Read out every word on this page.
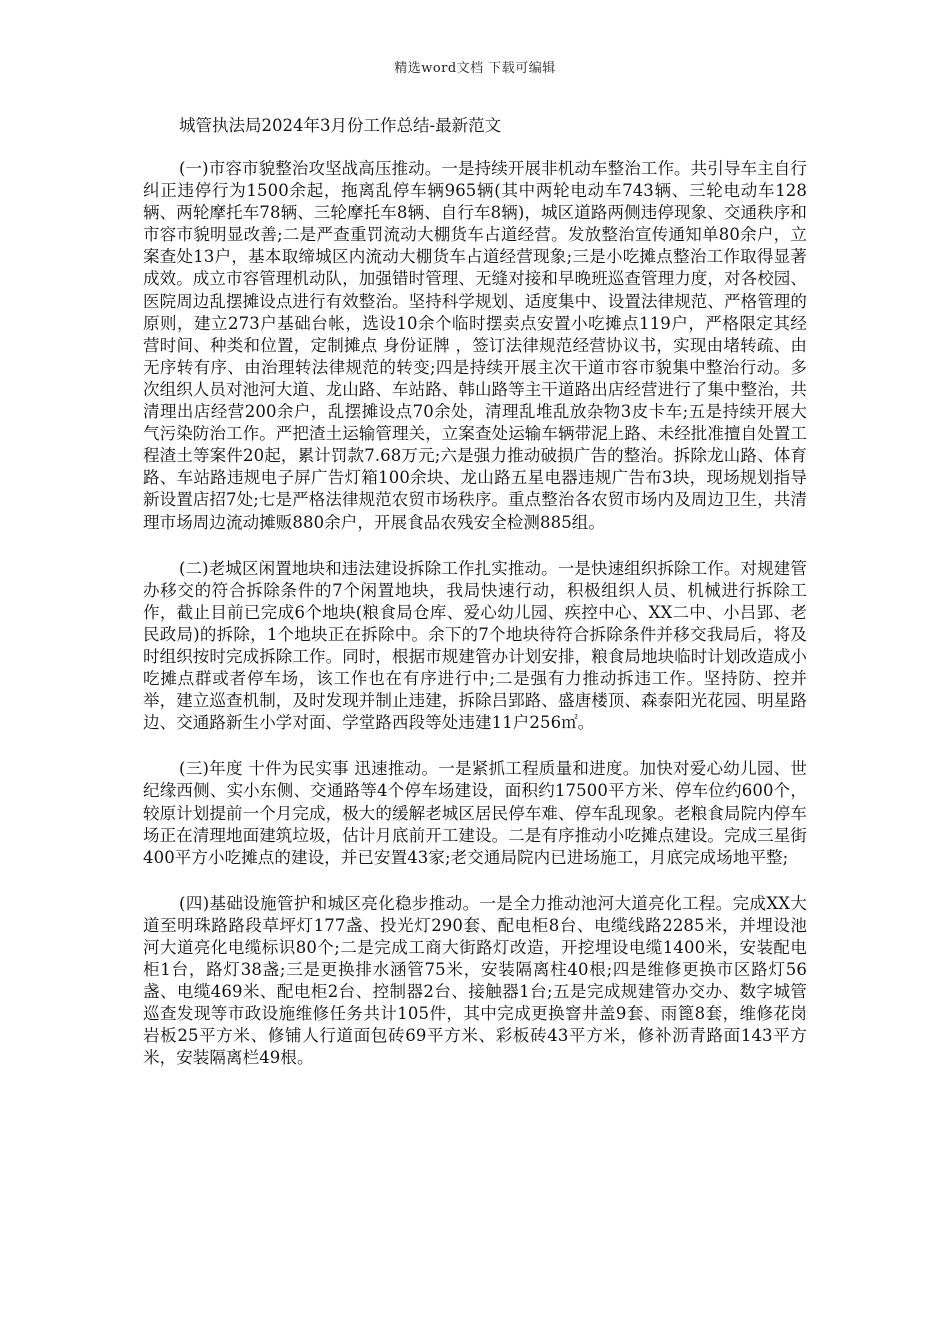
精选word文档 下载可编辑
城管执法局2024年3月份工作总结-最新范文

(一)市容市貌整治攻坚战高压推动。一是持续开展非机动车整治工作。共引导车主自行纠正违停行为1500余起，拖离乱停车辆965辆(其中两轮电动车743辆、三轮电动车128辆、两轮摩托车78辆、三轮摩托车8辆、自行车8辆)，城区道路两侧违停现象、交通秩序和市容市貌明显改善;二是严查重罚流动大棚货车占道经营。发放整治宣传通知单80余户，立案查处13户，基本取缔城区内流动大棚货车占道经营现象;三是小吃摊点整治工作取得显著成效。成立市容管理机动队，加强错时管理、无缝对接和早晚班巡查管理力度，对各校园、医院周边乱摆摊设点进行有效整治。坚持科学规划、适度集中、设置法律规范、严格管理的原则，建立273户基础台帐，选设10余个临时摆卖点安置小吃摊点119户，严格限定其经营时间、种类和位置，定制摊点 身份证牌 ，签订法律规范经营协议书，实现由堵转疏、由无序转有序、由治理转法律规范的转变;四是持续开展主次干道市容市貌集中整治行动。多次组织人员对池河大道、龙山路、车站路、韩山路等主干道路出店经营进行了集中整治，共清理出店经营200余户，乱摆摊设点70余处，清理乱堆乱放杂物3皮卡车;五是持续开展大气污染防治工作。严把渣土运输管理关，立案查处运输车辆带泥上路、未经批准擅自处置工程渣土等案件20起，累计罚款7.68万元;六是强力推动破损广告的整治。拆除龙山路、体育路、车站路违规电子屏广告灯箱100余块、龙山路五星电器违规广告布3块，现场规划指导新设置店招7处;七是严格法律规范农贸市场秩序。重点整治各农贸市场内及周边卫生，共清理市场周边流动摊贩880余户，开展食品农残安全检测885组。

(二)老城区闲置地块和违法建设拆除工作扎实推动。一是快速组织拆除工作。对规建管办移交的符合拆除条件的7个闲置地块，我局快速行动，积极组织人员、机械进行拆除工作，截止目前已完成6个地块(粮食局仓库、爱心幼儿园、疾控中心、XX二中、小吕郢、老民政局)的拆除，1个地块正在拆除中。余下的7个地块待符合拆除条件并移交我局后，将及时组织按时完成拆除工作。同时，根据市规建管办计划安排，粮食局地块临时计划改造成小吃摊点群或者停车场，该工作也在有序进行中;二是强有力推动拆违工作。坚持防、控并举，建立巡查机制，及时发现并制止违建，拆除吕郢路、盛唐楼顶、森泰阳光花园、明星路边、交通路新生小学对面、学堂路西段等处违建11户256㎡。

(三)年度 十件为民实事 迅速推动。一是紧抓工程质量和进度。加快对爱心幼儿园、世纪缘西侧、实小东侧、交通路等4个停车场建设，面积约17500平方米、停车位约600个，较原计划提前一个月完成，极大的缓解老城区居民停车难、停车乱现象。老粮食局院内停车场正在清理地面建筑垃圾，估计月底前开工建设。二是有序推动小吃摊点建设。完成三星街400平方小吃摊点的建设，并已安置43家;老交通局院内已进场施工，月底完成场地平整;

(四)基础设施管护和城区亮化稳步推动。一是全力推动池河大道亮化工程。完成XX大道至明珠路路段草坪灯177盏、投光灯290套、配电柜8台、电缆线路2285米，并埋设池河大道亮化电缆标识80个;二是完成工商大街路灯改造，开挖埋设电缆1400米，安装配电柜1台，路灯38盏;三是更换排水涵管75米，安装隔离柱40根;四是维修更换市区路灯56盏、电缆469米、配电柜2台、控制器2台、接触器1台;五是完成规建管办交办、数字城管巡查发现等市政设施维修任务共计105件，其中完成更换窨井盖9套、雨篦8套，维修花岗岩板25平方米、修铺人行道面包砖69平方米、彩板砖43平方米，修补沥青路面143平方米，安装隔离栏49根。
